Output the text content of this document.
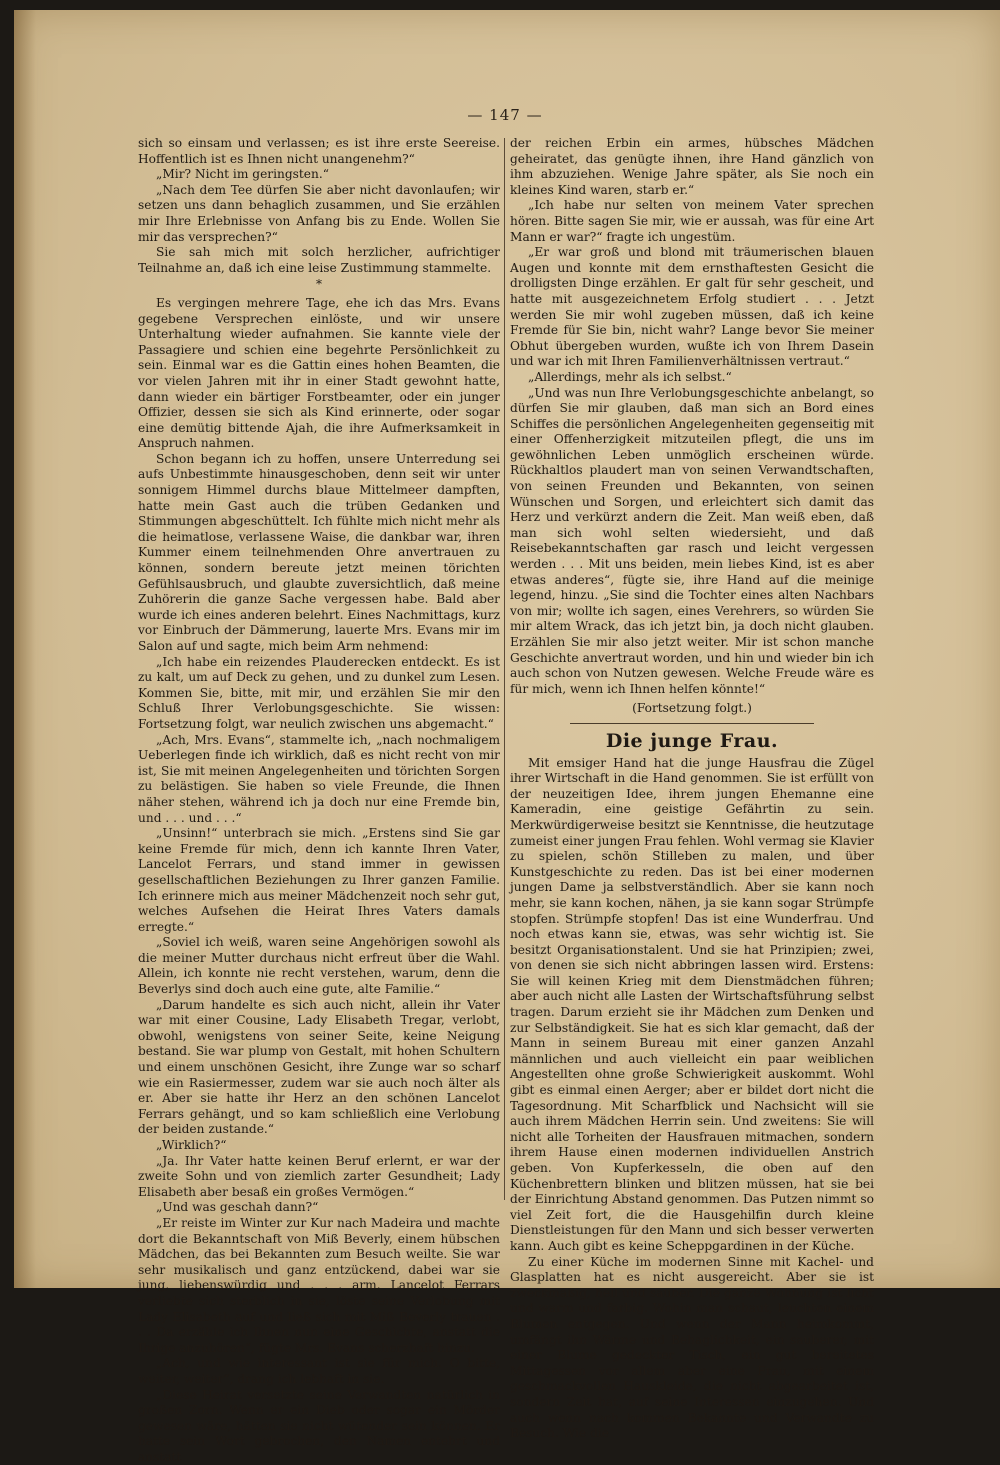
— 147 —

sich so einsam und verlassen; es ist ihre erste Seereise. Hoffentlich ist es Ihnen nicht unangenehm?“

„Mir? Nicht im geringsten.“

„Nach dem Tee dürfen Sie aber nicht davonlaufen; wir setzen uns dann behaglich zusammen, und Sie erzählen mir Ihre Erlebnisse von Anfang bis zu Ende. Wollen Sie mir das versprechen?“

Sie sah mich mit solch herzlicher, aufrichtiger Teilnahme an, daß ich eine leise Zustimmung stammelte.

*

Es vergingen mehrere Tage, ehe ich das Mrs. Evans gegebene Versprechen einlöste, und wir unsere Unterhaltung wieder aufnahmen. Sie kannte viele der Passagiere und schien eine begehrte Persönlichkeit zu sein. Einmal war es die Gattin eines hohen Beamten, die vor vielen Jahren mit ihr in einer Stadt gewohnt hatte, dann wieder ein bärtiger Forstbeamter, oder ein junger Offizier, dessen sie sich als Kind erinnerte, oder sogar eine demütig bittende Ajah, die ihre Aufmerksamkeit in Anspruch nahmen.

Schon begann ich zu hoffen, unsere Unterredung sei aufs Unbestimmte hinausgeschoben, denn seit wir unter sonnigem Himmel durchs blaue Mittelmeer dampften, hatte mein Gast auch die trüben Gedanken und Stimmungen abgeschüttelt. Ich fühlte mich nicht mehr als die heimatlose, verlassene Waise, die dankbar war, ihren Kummer einem teilnehmenden Ohre anvertrauen zu können, sondern bereute jetzt meinen törichten Gefühlsausbruch, und glaubte zuversichtlich, daß meine Zuhörerin die ganze Sache vergessen habe. Bald aber wurde ich eines anderen belehrt. Eines Nachmittags, kurz vor Einbruch der Dämmerung, lauerte Mrs. Evans mir im Salon auf und sagte, mich beim Arm nehmend:

„Ich habe ein reizendes Plauderecken entdeckt. Es ist zu kalt, um auf Deck zu gehen, und zu dunkel zum Lesen. Kommen Sie, bitte, mit mir, und erzählen Sie mir den Schluß Ihrer Verlobungsgeschichte. Sie wissen: Fortsetzung folgt, war neulich zwischen uns abgemacht.“

„Ach, Mrs. Evans“, stammelte ich, „nach nochmaligem Ueberlegen finde ich wirklich, daß es nicht recht von mir ist, Sie mit meinen Angelegenheiten und törichten Sorgen zu belästigen. Sie haben so viele Freunde, die Ihnen näher stehen, während ich ja doch nur eine Fremde bin, und . . . und . . .“

„Unsinn!“ unterbrach sie mich. „Erstens sind Sie gar keine Fremde für mich, denn ich kannte Ihren Vater, Lancelot Ferrars, und stand immer in gewissen gesellschaftlichen Beziehungen zu Ihrer ganzen Familie. Ich erinnere mich aus meiner Mädchenzeit noch sehr gut, welches Aufsehen die Heirat Ihres Vaters damals erregte.“

„Soviel ich weiß, waren seine Angehörigen sowohl als die meiner Mutter durchaus nicht erfreut über die Wahl. Allein, ich konnte nie recht verstehen, warum, denn die Beverlys sind doch auch eine gute, alte Familie.“

„Darum handelte es sich auch nicht, allein ihr Vater war mit einer Cousine, Lady Elisabeth Tregar, verlobt, obwohl, wenigstens von seiner Seite, keine Neigung bestand. Sie war plump von Gestalt, mit hohen Schultern und einem unschönen Gesicht, ihre Zunge war so scharf wie ein Rasiermesser, zudem war sie auch noch älter als er. Aber sie hatte ihr Herz an den schönen Lancelot Ferrars gehängt, und so kam schließlich eine Verlobung der beiden zustande.“

„Wirklich?“

„Ja. Ihr Vater hatte keinen Beruf erlernt, er war der zweite Sohn und von ziemlich zarter Gesundheit; Lady Elisabeth aber besaß ein großes Vermögen.“

„Und was geschah dann?“

„Er reiste im Winter zur Kur nach Madeira und machte dort die Bekanntschaft von Miß Beverly, einem hübschen Mädchen, das bei Bekannten zum Besuch weilte. Sie war sehr musikalisch und ganz entzückend, dabei war sie jung, liebenswürdig und . . . arm. Lancelot Ferrars verliebte sich sterblich in sie, löste seine Verlobung mit Lady Elisabeth auf und ließ sich mit Miß Beverly trauen . . . Da erzähle ich Ihnen nun eine Geschichte, anstatt die Ihrige anzuhören“, fügte Mrs. Evans scherzhaft hinzu.

„Ach, und wie interessant ist sie für mich. O bitte, weiter, weiter“, drang ich lebhaft in sie.

„Diese Heirat versetzte seine Verwandten natürlich in großen Zorn. Wenn er ein Dieb oder sogar ein Mörder gewesen wäre, hätten sie nicht wütender sein können. Er hatte sein Wort gebrochen, den Namen entehrt und anstatt

der reichen Erbin ein armes, hübsches Mädchen geheiratet, das genügte ihnen, ihre Hand gänzlich von ihm abzuziehen. Wenige Jahre später, als Sie noch ein kleines Kind waren, starb er.“

„Ich habe nur selten von meinem Vater sprechen hören. Bitte sagen Sie mir, wie er aussah, was für eine Art Mann er war?“ fragte ich ungestüm.

„Er war groß und blond mit träumerischen blauen Augen und konnte mit dem ernsthaftesten Gesicht die drolligsten Dinge erzählen. Er galt für sehr gescheit, und hatte mit ausgezeichnetem Erfolg studiert . . . Jetzt werden Sie mir wohl zugeben müssen, daß ich keine Fremde für Sie bin, nicht wahr? Lange bevor Sie meiner Obhut übergeben wurden, wußte ich von Ihrem Dasein und war ich mit Ihren Familienverhältnissen vertraut.“

„Allerdings, mehr als ich selbst.“

„Und was nun Ihre Verlobungsgeschichte anbelangt, so dürfen Sie mir glauben, daß man sich an Bord eines Schiffes die persönlichen Angelegenheiten gegenseitig mit einer Offenherzigkeit mitzuteilen pflegt, die uns im gewöhnlichen Leben unmöglich erscheinen würde. Rückhaltlos plaudert man von seinen Verwandtschaften, von seinen Freunden und Bekannten, von seinen Wünschen und Sorgen, und erleichtert sich damit das Herz und verkürzt andern die Zeit. Man weiß eben, daß man sich wohl selten wiedersieht, und daß Reisebekanntschaften gar rasch und leicht vergessen werden . . . Mit uns beiden, mein liebes Kind, ist es aber etwas anderes“, fügte sie, ihre Hand auf die meinige legend, hinzu. „Sie sind die Tochter eines alten Nachbars von mir; wollte ich sagen, eines Verehrers, so würden Sie mir altem Wrack, das ich jetzt bin, ja doch nicht glauben. Erzählen Sie mir also jetzt weiter. Mir ist schon manche Geschichte anvertraut worden, und hin und wieder bin ich auch schon von Nutzen gewesen. Welche Freude wäre es für mich, wenn ich Ihnen helfen könnte!“

(Fortsetzung folgt.)
Die junge Frau.

Mit emsiger Hand hat die junge Hausfrau die Zügel ihrer Wirtschaft in die Hand genommen. Sie ist erfüllt von der neuzeitigen Idee, ihrem jungen Ehemanne eine Kameradin, eine geistige Gefährtin zu sein. Merkwürdigerweise besitzt sie Kenntnisse, die heutzutage zumeist einer jungen Frau fehlen. Wohl vermag sie Klavier zu spielen, schön Stilleben zu malen, und über Kunstgeschichte zu reden. Das ist bei einer modernen jungen Dame ja selbstverständlich. Aber sie kann noch mehr, sie kann kochen, nähen, ja sie kann sogar Strümpfe stopfen. Strümpfe stopfen! Das ist eine Wunderfrau. Und noch etwas kann sie, etwas, was sehr wichtig ist. Sie besitzt Organisationstalent. Und sie hat Prinzipien; zwei, von denen sie sich nicht abbringen lassen wird. Erstens: Sie will keinen Krieg mit dem Dienstmädchen führen; aber auch nicht alle Lasten der Wirtschaftsführung selbst tragen. Darum erzieht sie ihr Mädchen zum Denken und zur Selbständigkeit. Sie hat es sich klar gemacht, daß der Mann in seinem Bureau mit einer ganzen Anzahl männlichen und auch vielleicht ein paar weiblichen Angestellten ohne große Schwierigkeit auskommt. Wohl gibt es einmal einen Aerger; aber er bildet dort nicht die Tagesordnung. Mit Scharfblick und Nachsicht will sie auch ihrem Mädchen Herrin sein. Und zweitens: Sie will nicht alle Torheiten der Hausfrauen mitmachen, sondern ihrem Hause einen modernen individuellen Anstrich geben. Von Kupferkesseln, die oben auf den Küchenbrettern blinken und blitzen müssen, hat sie bei der Einrichtung Abstand genommen. Das Putzen nimmt so viel Zeit fort, die die Hausgehilfin durch kleine Dienstleistungen für den Mann und sich besser verwerten kann. Auch gibt es keine Scheppgardinen in der Küche.

Zu einer Küche im modernen Sinne mit Kachel- und Glasplatten hat es nicht ausgereicht. Aber sie ist zweckmäßig, hell und sauber. Die ganze Wohnung ist licht und warm und farbig. Wohin man schaut, leuchten einem Blumen entgegen. Und wenn der Mann heimkommt, umfängt ihn Wärme und Behaglichkeit, ein sauberer, mit einer Blume gedeckter Tisch, ein gut bereitetes Mittagessen vor allem aber eine Frau, mit einem geschmackvollen Hauskleide, die nicht abgearbeitet ist, sondern Zeit hat, auf seine Interessen einzugehen. Und auch wenn nach kommen Bekannte und Verwandte zu Besuch. Wie die
